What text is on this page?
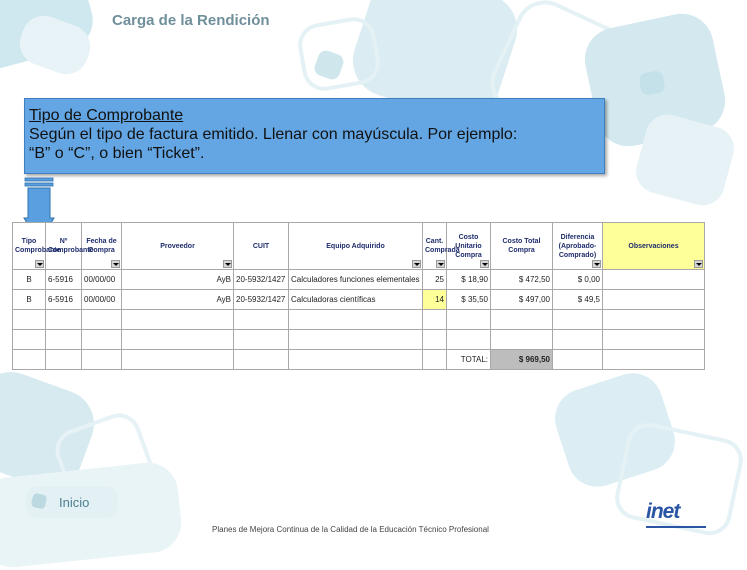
Carga de la Rendición
Tipo de Comprobante
Según el tipo de factura emitido. Llenar con mayúscula. Por ejemplo:
“B” o “C”, o bien “Ticket”.
Tipo Comprobante	Nº Comprobante	Fecha de Compra	Proveedor	CUIT	Equipo Adquirido	Cant. Comprada	Costo Unitario Compra	Costo Total Compra	Diferencia (Aprobado-Comprado)	Observaciones

B	6-5916	00/00/00	AyB	20-5932/1427	Calculadores funciones elementales	25	$ 18,90	$ 472,50	$ 0,00	
B	6-5916	00/00/00	AyB	20-5932/1427	Calculadoras científicas	14	$ 35,50	$ 497,00	$ 49,5	

							TOTAL:	$ 969,50		
Inicio
Planes de Mejora Continua de la Calidad de la Educación Técnico Profesional
inet
